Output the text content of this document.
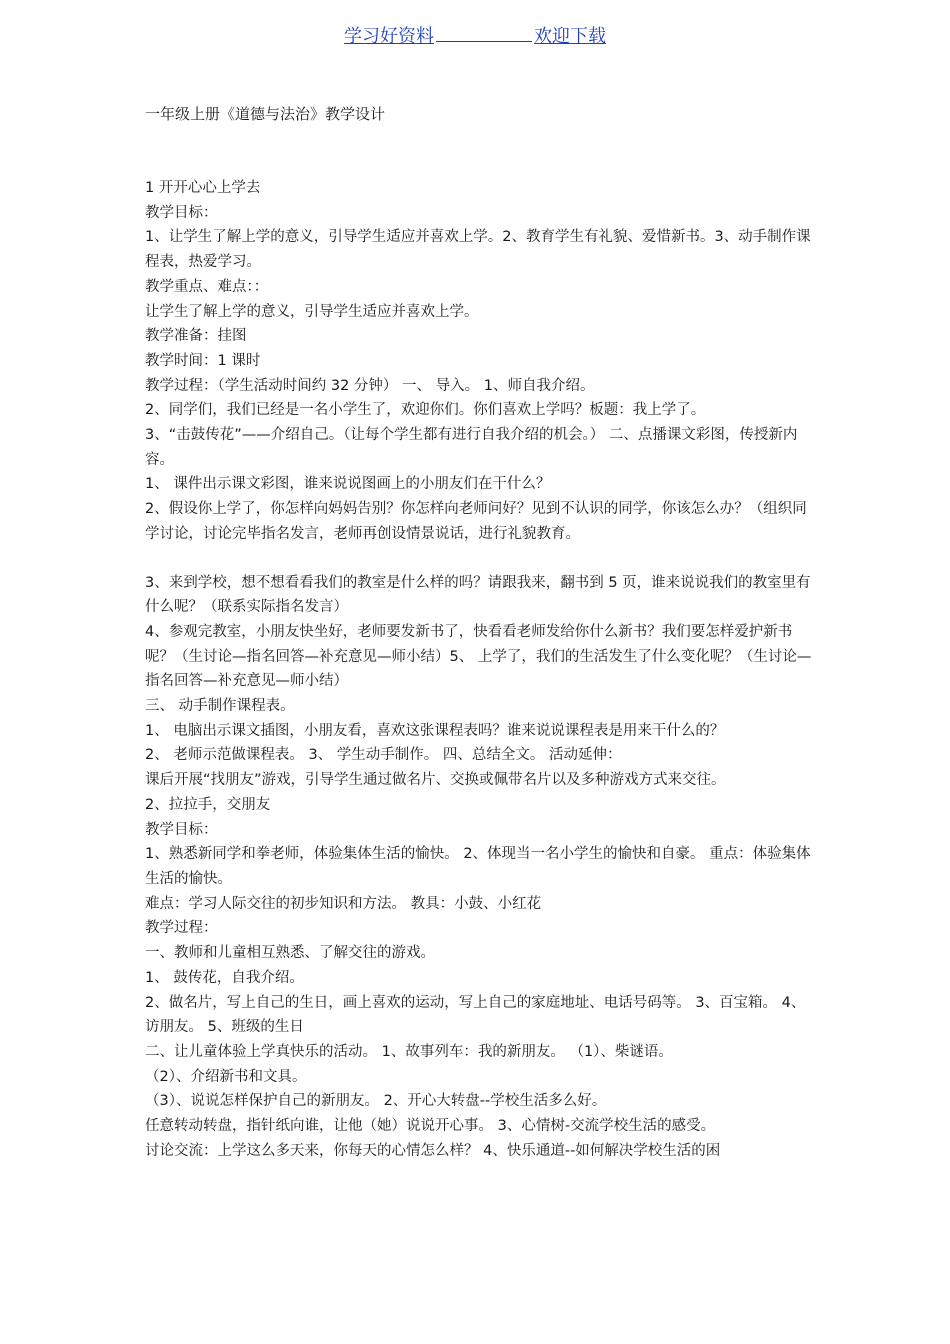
学习好资料	欢迎下载
一年级上册《道德与法治》教学设计

1 开开心心上学去

教学目标：

1、让学生了解上学的意义，引导学生适应并喜欢上学。2、教育学生有礼貌、爱惜新书。3、动手制作课程表，热爱学习。

教学重点、难点：：

让学生了解上学的意义，引导学生适应并喜欢上学。

教学准备：挂图

教学时间：1 课时

教学过程：（学生活动时间约 32 分钟） 一、 导入。 1、师自我介绍。

2、同学们，我们已经是一名小学生了，欢迎你们。你们喜欢上学吗？板题：我上学了。

3、“击鼓传花”——介绍自己。（让每个学生都有进行自我介绍的机会。） 二、点播课文彩图，传授新内容。

1、 课件出示课文彩图，谁来说说图画上的小朋友们在干什么？

2、假设你上学了，你怎样向妈妈告别？你怎样向老师问好？见到不认识的同学，你该怎么办？（组织同学讨论，讨论完毕指名发言，老师再创设情景说话，进行礼貌教育。

3、来到学校，想不想看看我们的教室是什么样的吗？请跟我来，翻书到 5 页，谁来说说我们的教室里有什么呢？（联系实际指名发言）

4、参观完教室，小朋友快坐好，老师要发新书了，快看看老师发给你什么新书？我们要怎样爱护新书呢？（生讨论—指名回答—补充意见—师小结）5、 上学了，我们的生活发生了什么变化呢？（生讨论—指名回答—补充意见—师小结）

三、 动手制作课程表。

1、 电脑出示课文插图，小朋友看，喜欢这张课程表吗？谁来说说课程表是用来干什么的？

2、 老师示范做课程表。 3、 学生动手制作。 四、总结全文。 活动延伸：

课后开展“找朋友”游戏，引导学生通过做名片、交换或佩带名片以及多种游戏方式来交往。

2、拉拉手，交朋友

教学目标：

1、熟悉新同学和拳老师，体验集体生活的愉快。 2、体现当一名小学生的愉快和自豪。 重点：体验集体生活的愉快。

难点：学习人际交往的初步知识和方法。 教具：小鼓、小红花

教学过程：

一、教师和儿童相互熟悉、了解交往的游戏。

1、 鼓传花，自我介绍。

2、做名片，写上自己的生日，画上喜欢的运动，写上自己的家庭地址、电话号码等。 3、百宝箱。 4、访朋友。 5、班级的生日

二、让儿童体验上学真快乐的活动。 1、故事列车：我的新朋友。 （1）、柴谜语。

（2）、介绍新书和文具。

（3）、说说怎样保护自己的新朋友。 2、开心大转盘--学校生活多么好。

任意转动转盘，指针纸向谁，让他（她）说说开心事。 3、心情树-交流学校生活的感受。

讨论交流：上学这么多天来，你每天的心情怎么样？ 4、快乐通道--如何解决学校生活的困
